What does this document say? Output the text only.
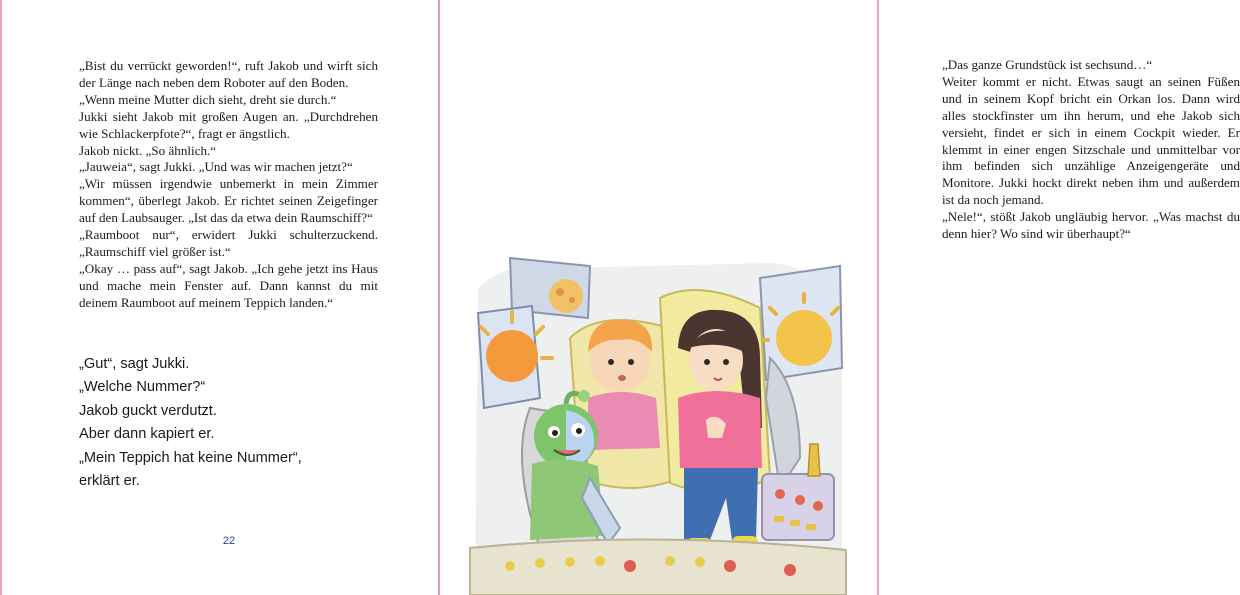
„Bist du verrückt geworden!“, ruft Jakob und wirft sich der Länge nach neben dem Roboter auf den Boden.

„Wenn meine Mutter dich sieht, dreht sie durch.“

Jukki sieht Jakob mit großen Augen an. „Durchdrehen wie Schlackerpfote?“, fragt er ängstlich.

Jakob nickt. „So ähnlich.“

„Jauweia“, sagt Jukki. „Und was wir machen jetzt?“

„Wir müssen irgendwie unbemerkt in mein Zimmer kommen“, überlegt Jakob. Er richtet seinen Zeigefinger auf den Laubsauger. „Ist das da etwa dein Raumschiff?“

„Raumboot nur“, erwidert Jukki schulterzuckend. „Raumschiff viel größer ist.“

„Okay … pass auf“, sagt Jakob. „Ich gehe jetzt ins Haus und mache mein Fenster auf. Dann kannst du mit deinem Raumboot auf meinem Teppich landen.“

„Gut“, sagt Jukki.

„Welche Nummer?“

Jakob guckt verdutzt.

Aber dann kapiert er.

„Mein Teppich hat keine Nummer“,

erklärt er.

22

„Das ganze Grundstück ist sechsund…“

Weiter kommt er nicht. Etwas saugt an seinen Füßen und in seinem Kopf bricht ein Orkan los. Dann wird alles stockfinster um ihn herum, und ehe Jakob sich versieht, findet er sich in einem Cockpit wieder. Er klemmt in einer engen Sitzschale und unmittelbar vor ihm befinden sich unzählige Anzeigengeräte und Monitore. Jukki hockt direkt neben ihm und außerdem ist da noch jemand.

„Nele!“, stößt Jakob ungläubig hervor. „Was machst du denn hier? Wo sind wir überhaupt?“
